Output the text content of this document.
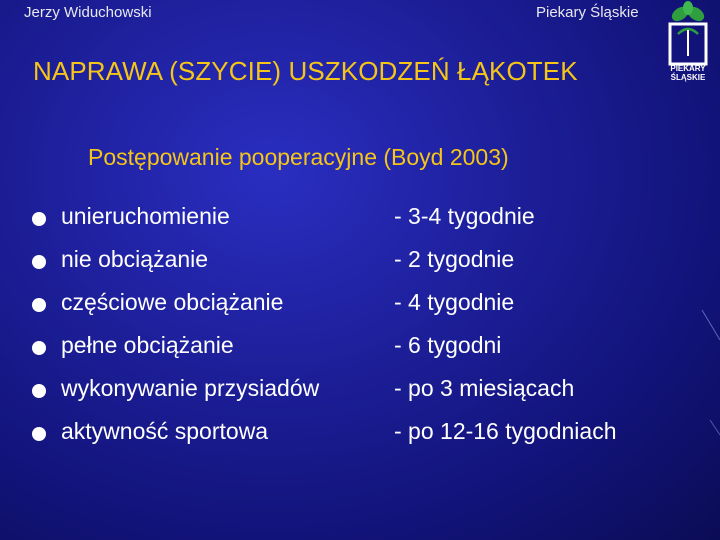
Jerzy Widuchowski	Piekary Śląskie
PIEKARY
ŚLĄSKIE
NAPRAWA (SZYCIE) USZKODZEŃ ŁĄKOTEK
Postępowanie pooperacyjne (Boyd 2003)
unieruchomienie	- 3-4 tygodnie
nie obciążanie	- 2 tygodnie
częściowe obciążanie	- 4 tygodnie
pełne obciążanie	- 6 tygodni
wykonywanie przysiadów	- po 3 miesiącach
aktywność sportowa	- po 12-16 tygodniach
